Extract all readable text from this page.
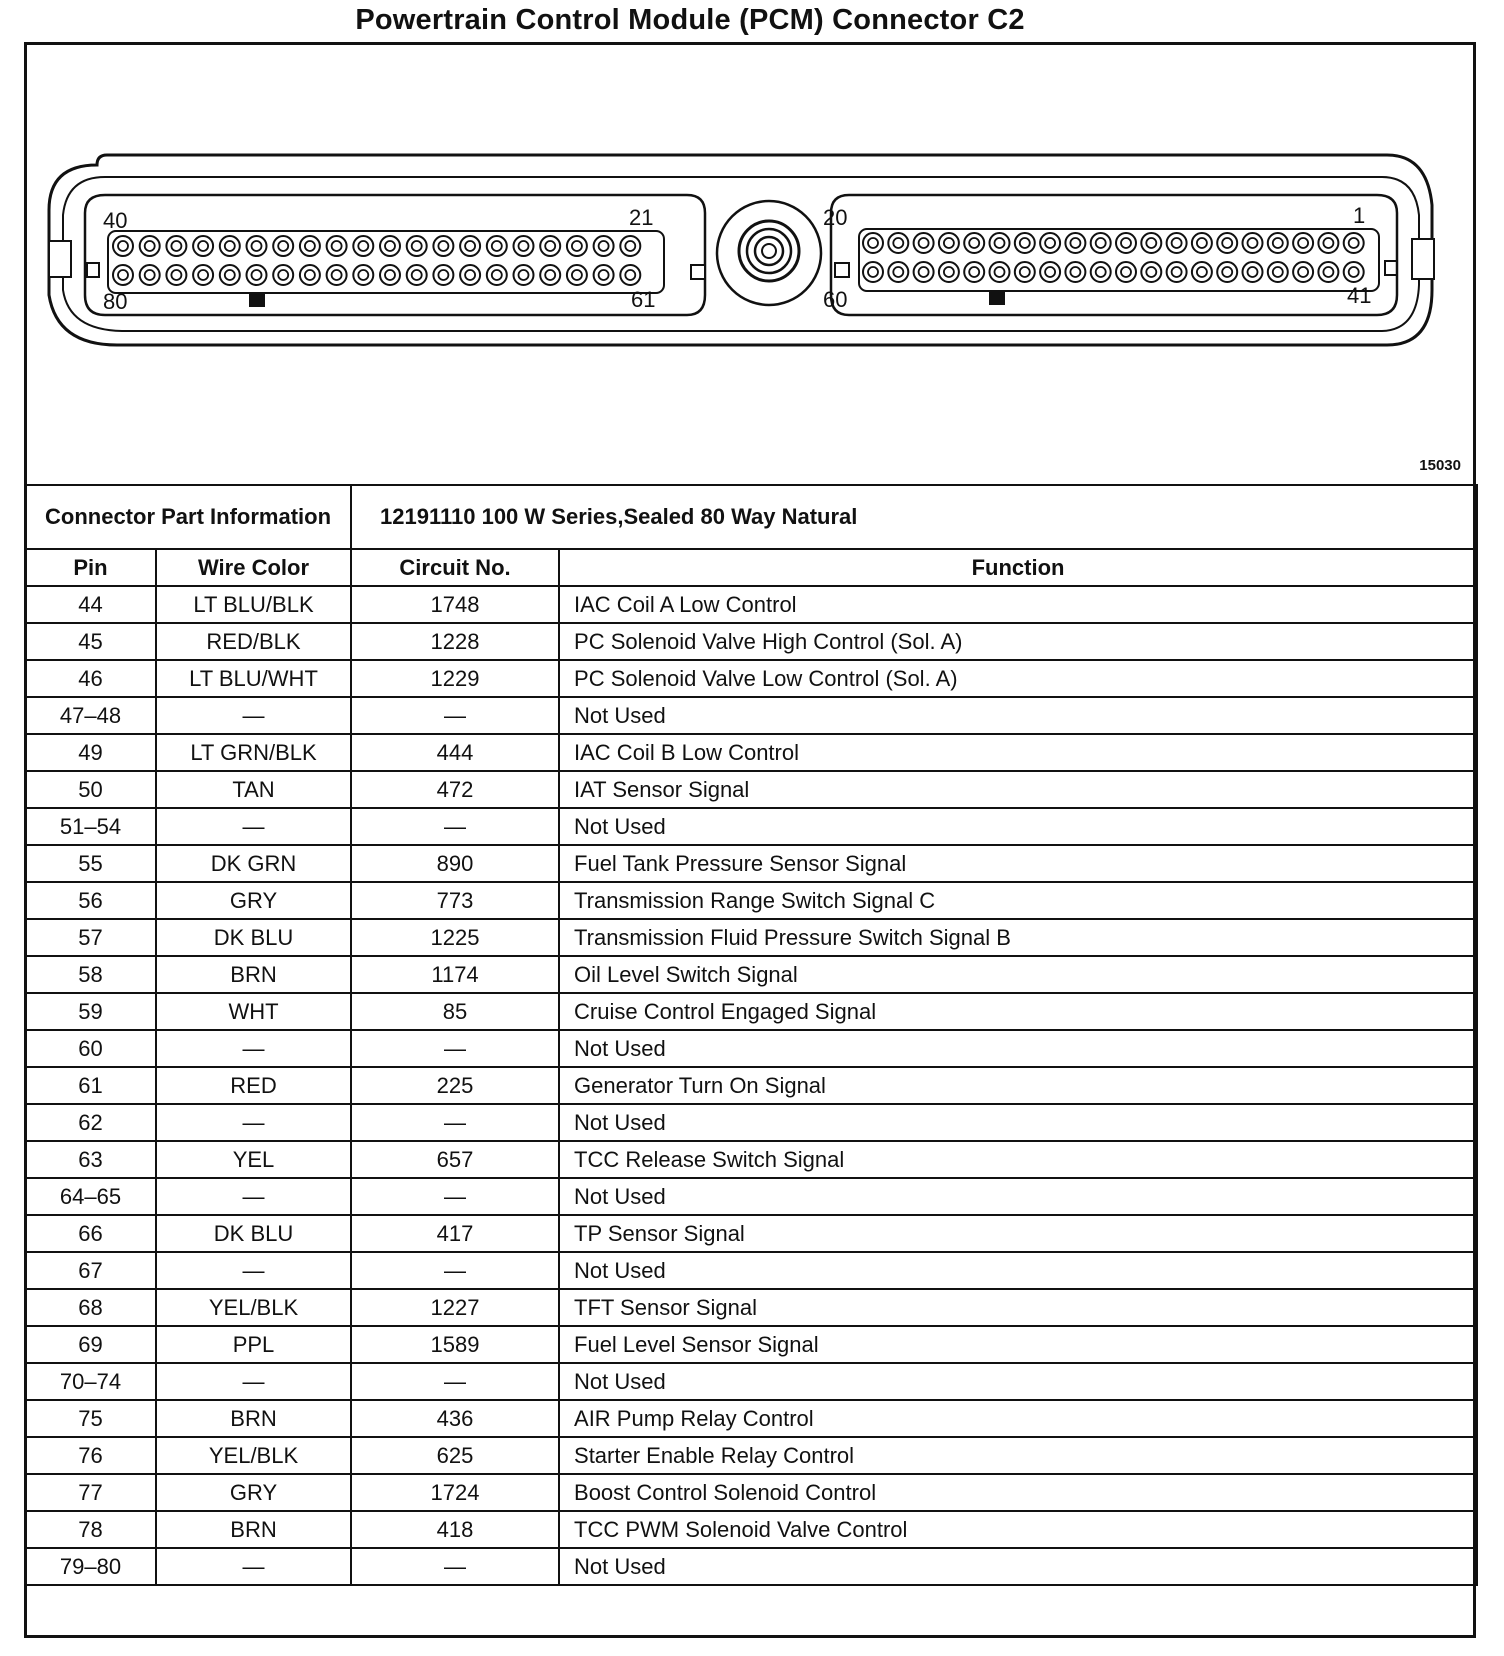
Powertrain Control Module (PCM) Connector C2
40	21
80	61
20	1
60	41
15030
Connector Part Information		12191110 100 W Series,Sealed 80 Way Natural	
Pin	Wire Color	Circuit No.	Function
44	LT BLU/BLK	1748	IAC Coil A Low Control
45	RED/BLK	1228	PC Solenoid Valve High Control (Sol. A)
46	LT BLU/WHT	1229	PC Solenoid Valve Low Control (Sol. A)
47–48	—	—	Not Used
49	LT GRN/BLK	444	IAC Coil B Low Control
50	TAN	472	IAT Sensor Signal
51–54	—	—	Not Used
55	DK GRN	890	Fuel Tank Pressure Sensor Signal
56	GRY	773	Transmission Range Switch Signal C
57	DK BLU	1225	Transmission Fluid Pressure Switch Signal B
58	BRN	1174	Oil Level Switch Signal
59	WHT	85	Cruise Control Engaged Signal
60	—	—	Not Used
61	RED	225	Generator Turn On Signal
62	—	—	Not Used
63	YEL	657	TCC Release Switch Signal
64–65	—	—	Not Used
66	DK BLU	417	TP Sensor Signal
67	—	—	Not Used
68	YEL/BLK	1227	TFT Sensor Signal
69	PPL	1589	Fuel Level Sensor Signal
70–74	—	—	Not Used
75	BRN	436	AIR Pump Relay Control
76	YEL/BLK	625	Starter Enable Relay Control
77	GRY	1724	Boost Control Solenoid Control
78	BRN	418	TCC PWM Solenoid Valve Control
79–80	—	—	Not Used
